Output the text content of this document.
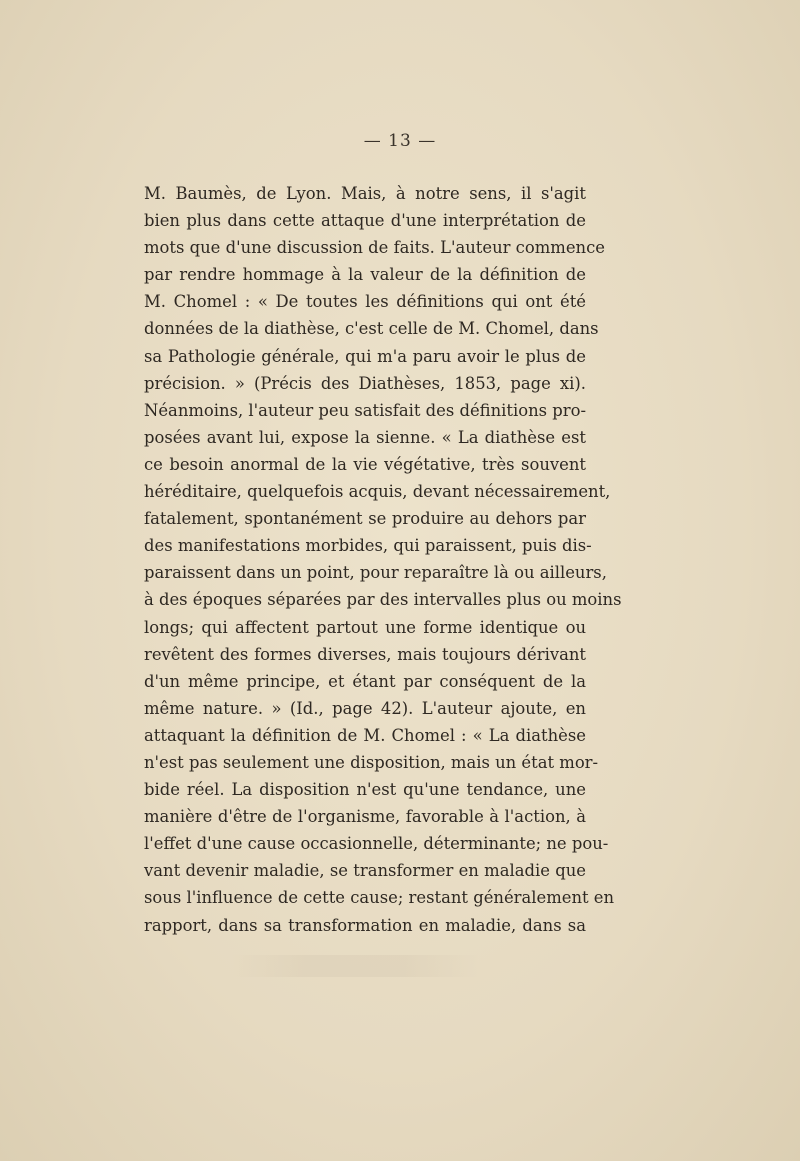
— 13 —
M. Baumès, de Lyon. Mais, à notre sens, il s'agit
bien plus dans cette attaque d'une interprétation de
mots que d'une discussion de faits. L'auteur commence
par rendre hommage à la valeur de la définition de
M. Chomel : « De toutes les définitions qui ont été
données de la diathèse, c'est celle de M. Chomel, dans
sa Pathologie générale, qui m'a paru avoir le plus de
précision. » (Précis des Diathèses, 1853, page xi).
Néanmoins, l'auteur peu satisfait des définitions pro-
posées avant lui, expose la sienne. « La diathèse est
ce besoin anormal de la vie végétative, très souvent
héréditaire, quelquefois acquis, devant nécessairement,
fatalement, spontanément se produire au dehors par
des manifestations morbides, qui paraissent, puis dis-
paraissent dans un point, pour reparaître là ou ailleurs,
à des époques séparées par des intervalles plus ou moins
longs; qui affectent partout une forme identique ou
revêtent des formes diverses, mais toujours dérivant
d'un même principe, et étant par conséquent de la
même nature. » (Id., page 42). L'auteur ajoute, en
attaquant la définition de M. Chomel : « La diathèse
n'est pas seulement une disposition, mais un état mor-
bide réel. La disposition n'est qu'une tendance, une
manière d'être de l'organisme, favorable à l'action, à
l'effet d'une cause occasionnelle, déterminante; ne pou-
vant devenir maladie, se transformer en maladie que
sous l'influence de cette cause; restant généralement en
rapport, dans sa transformation en maladie, dans sa
